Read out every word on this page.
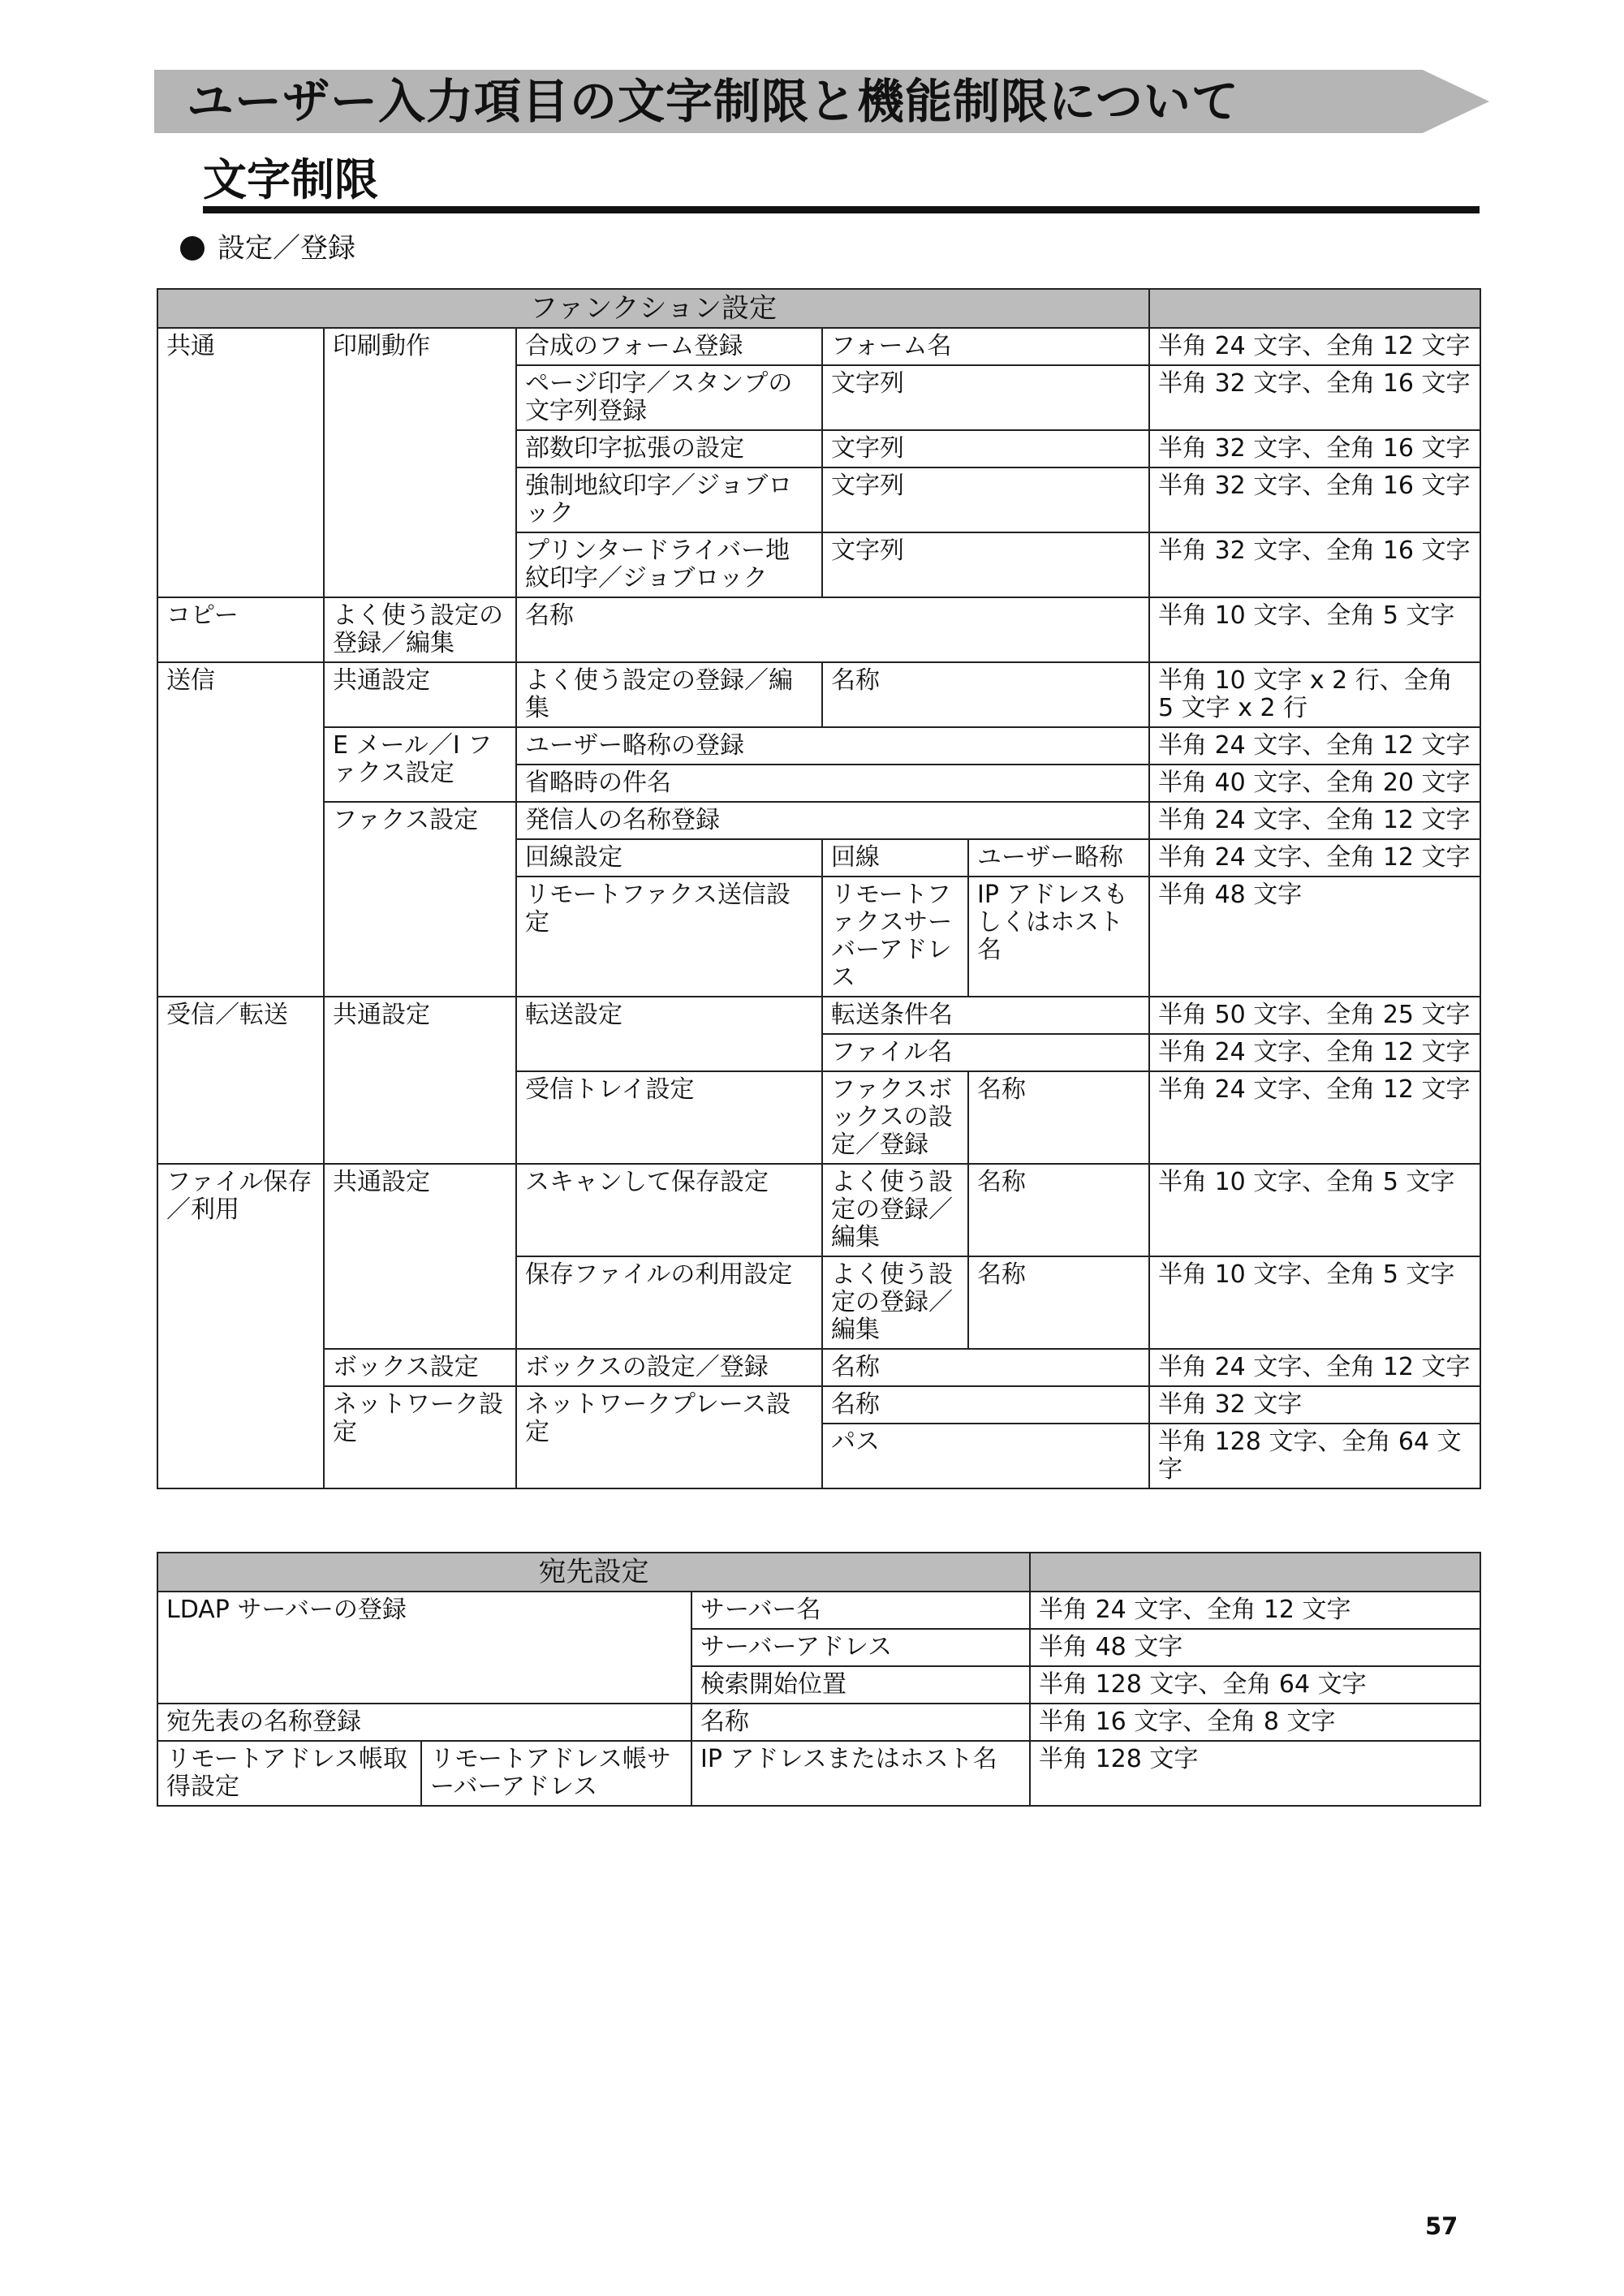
ユーザー入力項目の文字制限と機能制限について
文字制限
設定／登録
ファンクション設定					
共通	印刷動作	合成のフォーム登録	フォーム名		半角 24 文字、全角 12 文字
		ページ印字／スタンプの文字列登録	文字列		半角 32 文字、全角 16 文字
		部数印字拡張の設定	文字列		半角 32 文字、全角 16 文字
		強制地紋印字／ジョブロック	文字列		半角 32 文字、全角 16 文字
		プリンタードライバー地紋印字／ジョブロック	文字列		半角 32 文字、全角 16 文字
コピー	よく使う設定の登録／編集	名称			半角 10 文字、全角 5 文字
送信	共通設定	よく使う設定の登録／編集	名称		半角 10 文字 x 2 行、全角 5 文字 x 2 行
	E メール／I ファクス設定	ユーザー略称の登録			半角 24 文字、全角 12 文字
		省略時の件名			半角 40 文字、全角 20 文字
	ファクス設定	発信人の名称登録			半角 24 文字、全角 12 文字
		回線設定	回線	ユーザー略称	半角 24 文字、全角 12 文字
		リモートファクス送信設定	リモートファクスサーバーアドレス	IP アドレスもしくはホスト名	半角 48 文字
受信／転送	共通設定	転送設定	転送条件名		半角 50 文字、全角 25 文字
			ファイル名		半角 24 文字、全角 12 文字
		受信トレイ設定	ファクスボックスの設定／登録	名称	半角 24 文字、全角 12 文字
ファイル保存／利用	共通設定	スキャンして保存設定	よく使う設定の登録／編集	名称	半角 10 文字、全角 5 文字
		保存ファイルの利用設定	よく使う設定の登録／編集	名称	半角 10 文字、全角 5 文字
	ボックス設定	ボックスの設定／登録	名称		半角 24 文字、全角 12 文字
	ネットワーク設定	ネットワークプレース設定	名称		半角 32 文字
			パス		半角 128 文字、全角 64 文字
宛先設定			
LDAP サーバーの登録		サーバー名	半角 24 文字、全角 12 文字
		サーバーアドレス	半角 48 文字
		検索開始位置	半角 128 文字、全角 64 文字
宛先表の名称登録		名称	半角 16 文字、全角 8 文字
リモートアドレス帳取得設定	リモートアドレス帳サーバーアドレス	IP アドレスまたはホスト名	半角 128 文字
57
